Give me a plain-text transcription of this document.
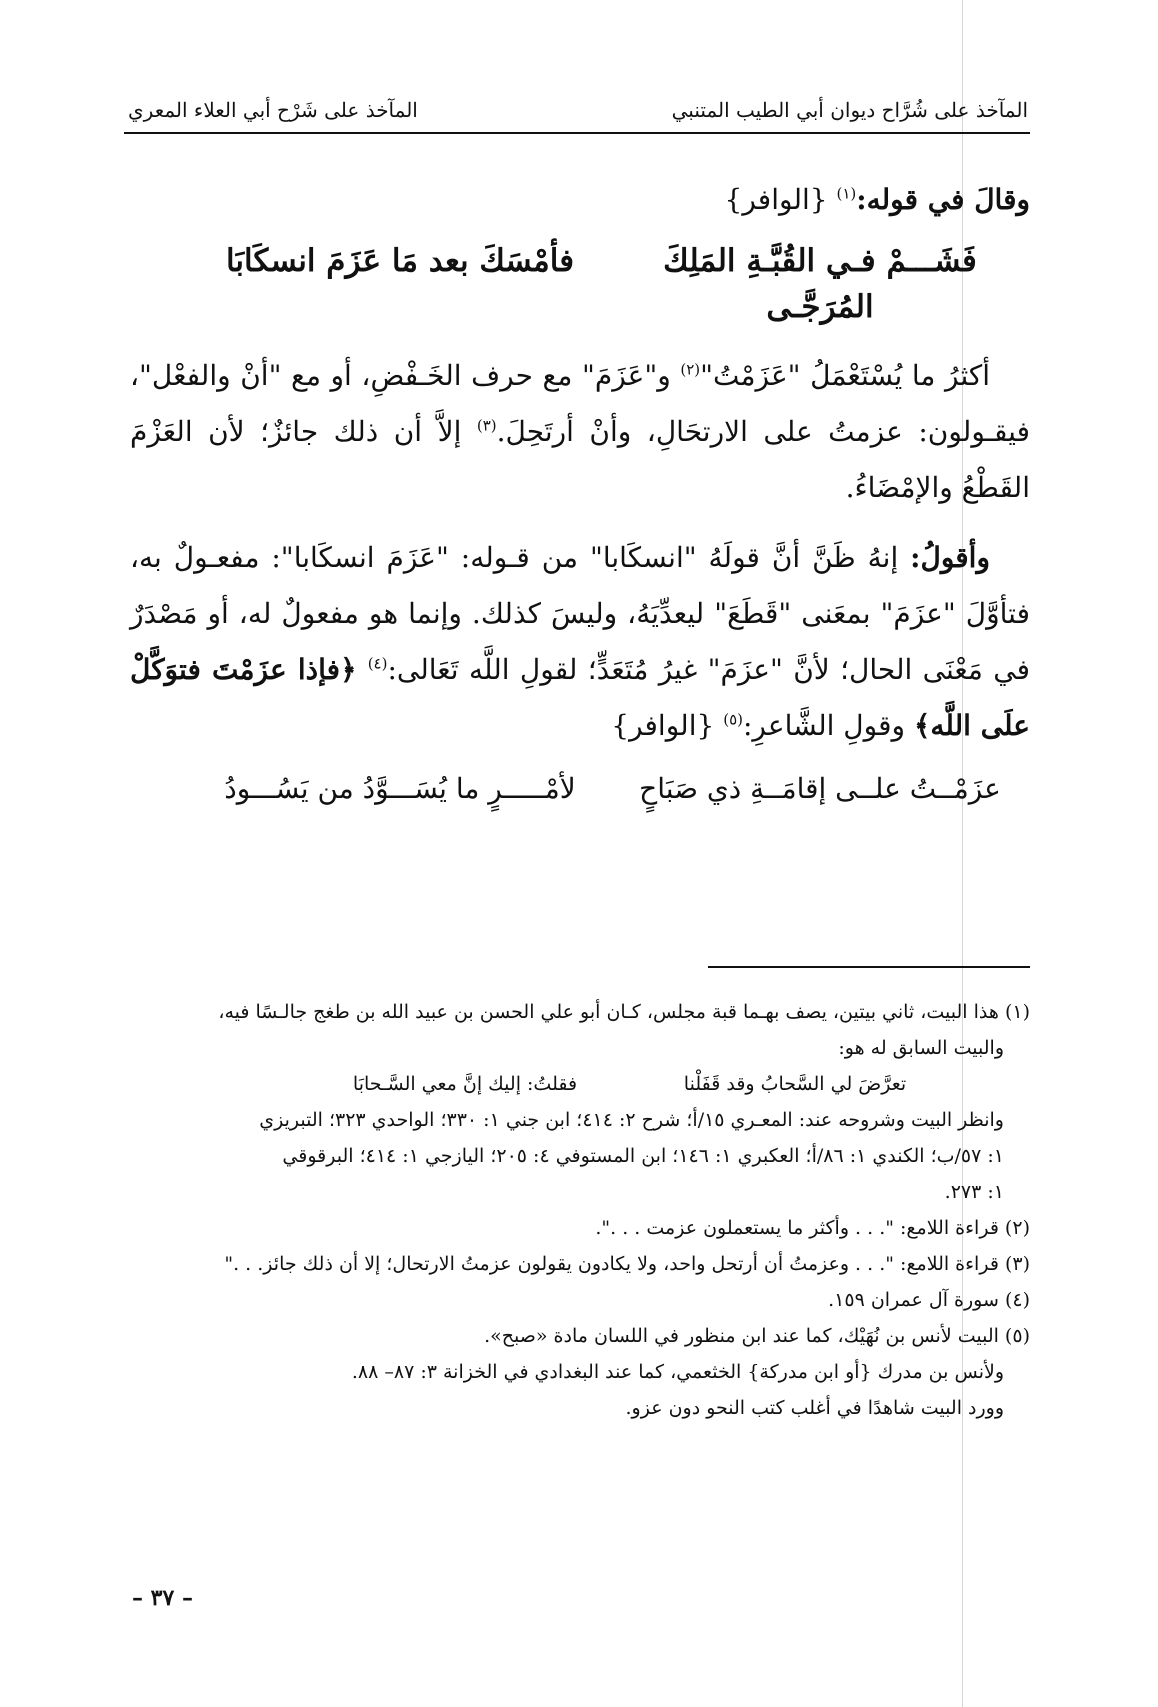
المآخذ على شُرَّاح ديوان أبي الطيب المتنبي
المآخذ على شَرْح أبي العلاء المعري

وقالَ في قوله:$^{(١)}$ {الوافر}

فَشَـــمْ فـي القُبَّـةِ المَلِكَ المُرَجَّـى
فأمْسَكَ بعد مَا عَزَمَ انسكَابَا

أكثرُ ما يُسْتَعْمَلُ "عَزَمْتُ"$^{(٢)}$ و"عَزَمَ" مع حرف الخَـفْضِ، أو مع "أنْ والفعْل"، فيقـولون: عزمتُ على الارتحَالِ، وأنْ أرتَحِلَ.$^{(٣)}$ إلاَّ أن ذلك جائزٌ؛ لأن العَزْمَ القَطْعُ والإمْضَاءُ.

وأقولُ: إنهُ ظَنَّ أنَّ قولَهُ "انسكَابا" من قـوله: "عَزَمَ انسكَابا": مفعـولٌ به، فتأوَّلَ "عزَمَ" بمعَنى "قَطَعَ" ليعدِّيَهُ، وليسَ كذلك. وإنما هو مفعولٌ له، أو مَصْدَرٌ في مَعْنَى الحال؛ لأنَّ "عزَمَ" غيرُ مُتَعَدٍّ؛ لقولِ اللَّه تَعَالى:$^{(٤)}$ ﴿فإذا عزَمْتَ فتوَكَّلْ علَى اللَّه﴾ وقولِ الشَّاعرِ:$^{(٥)}$ {الوافر}

عزَمْــتُ علــى إقامَــةِ ذي صَبَاحٍ
لأمْـــــرٍ ما يُسَـــوَّدُ من يَسُـــودُ

(١) هذا البيت، ثاني بيتين، يصف بهـما قبة مجلس، كـان أبو علي الحسن بن عبيد الله بن طغج جالـسًا فيه،

والبيت السابق له هو:

تعرَّضَ لي السَّحابُ وقد قَفَلْنا
فقلتُ: إليك إنَّ معي السَّـحابَا

وانظر البيت وشروحه عند: المعـري ١٥/أ؛ شرح ٢: ٤١٤؛ ابن جني ١: ٣٣٠؛ الواحدي ٣٢٣؛ التبريزي

١: ٥٧/ب؛ الكندي ١: ٨٦/أ؛ العكبري ١: ١٤٦؛ ابن المستوفي ٤: ٢٠٥؛ اليازجي ١: ٤١٤؛ البرقوقي

١: ٢٧٣.

(٢) قراءة اللامع: ". . . وأكثر ما يستعملون عزمت . . .".

(٣) قراءة اللامع: ". . . وعزمتُ أن أرتحل واحد، ولا يكادون يقولون عزمتُ الارتحال؛ إلا أن ذلك جائز. . ."

(٤) سورة آل عمران ١٥٩.

(٥) البيت لأنس بن نُهَيْك، كما عند ابن منظور في اللسان مادة «صبح».

ولأنس بن مدرك {أو ابن مدركة} الخثعمي، كما عند البغدادي في الخزانة ٣: ٨٧– ٨٨.

وورد البيت شاهدًا في أغلب كتب النحو دون عزو.

– ٣٧ –
